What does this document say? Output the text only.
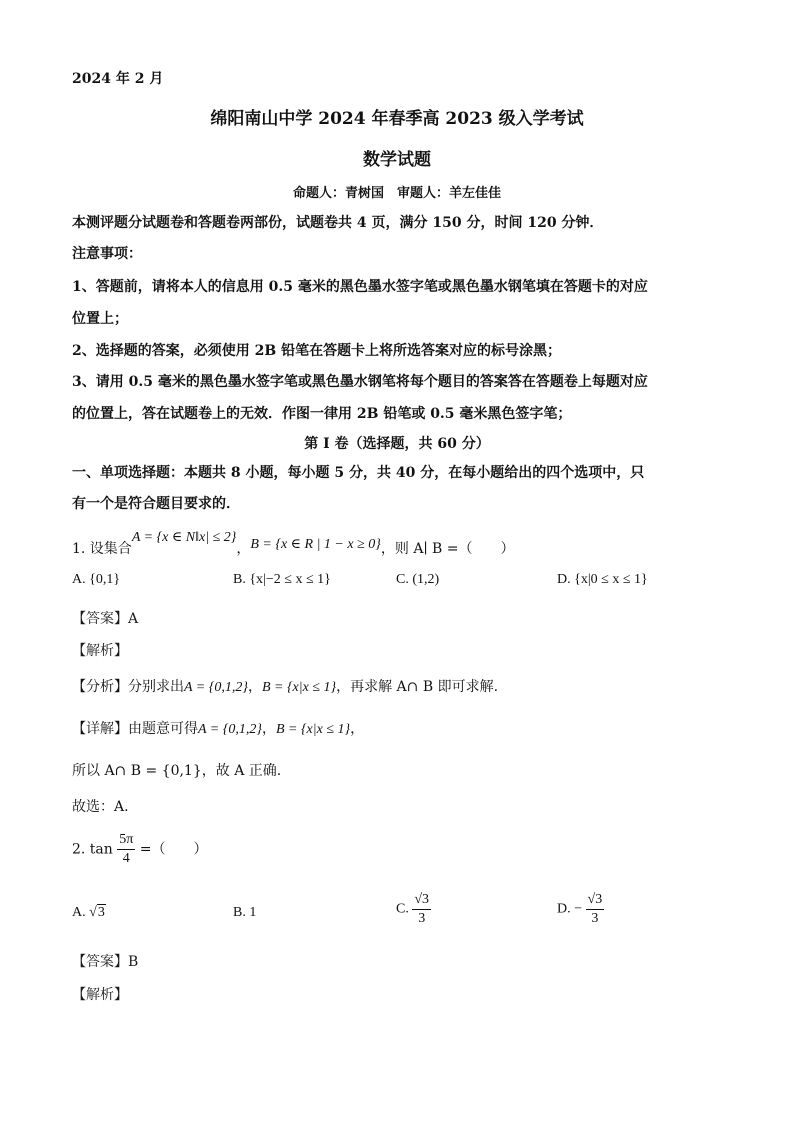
2024 年 2 月
绵阳南山中学 2024 年春季高 2023 级入学考试
数学试题
命题人：青树国　审题人：羊左佳佳
本测评题分试题卷和答题卷两部份，试题卷共 4 页，满分 150 分，时间 120 分钟．
注意事项：
1、答题前，请将本人的信息用 0.5 毫米的黑色墨水签字笔或黑色墨水钢笔填在答题卡的对应
位置上；
2、选择题的答案，必须使用 2B 铅笔在答题卡上将所选答案对应的标号涂黑；
3、请用 0.5 毫米的黑色墨水签字笔或黑色墨水钢笔将每个题目的答案答在答题卷上每题对应
的位置上，答在试题卷上的无效．作图一律用 2B 铅笔或 0.5 毫米黑色签字笔；
第 I 卷（选择题，共 60 分）
一、单项选择题：本题共 8 小题，每小题 5 分，共 40 分，在每小题给出的四个选项中，只
有一个是符合题目要求的．
1. 设集合A = {x ∈ N‖x| ≤ 2}，B = {x ∈ R | 1 − x ≥ 0}，则 A∣ B =（　　）
A. {0,1}	B. {x|−2 ≤ x ≤ 1}	C. (1,2)	D. {x|0 ≤ x ≤ 1}
【答案】A
【解析】
【分析】分别求出A = {0,1,2}，B = {x|x ≤ 1}，再求解 A∩ B 即可求解.
【详解】由题意可得A = {0,1,2}，B = {x|x ≤ 1}，
所以 A∩ B = {0,1}，故 A 正确.
故选：A.
2. $\tan \frac{5\pi}{4}$ =（　　）
A. √3	B. 1	C. $\frac{√3}{3}$	D. − $\frac{√3}{3}$
【答案】B
【解析】
